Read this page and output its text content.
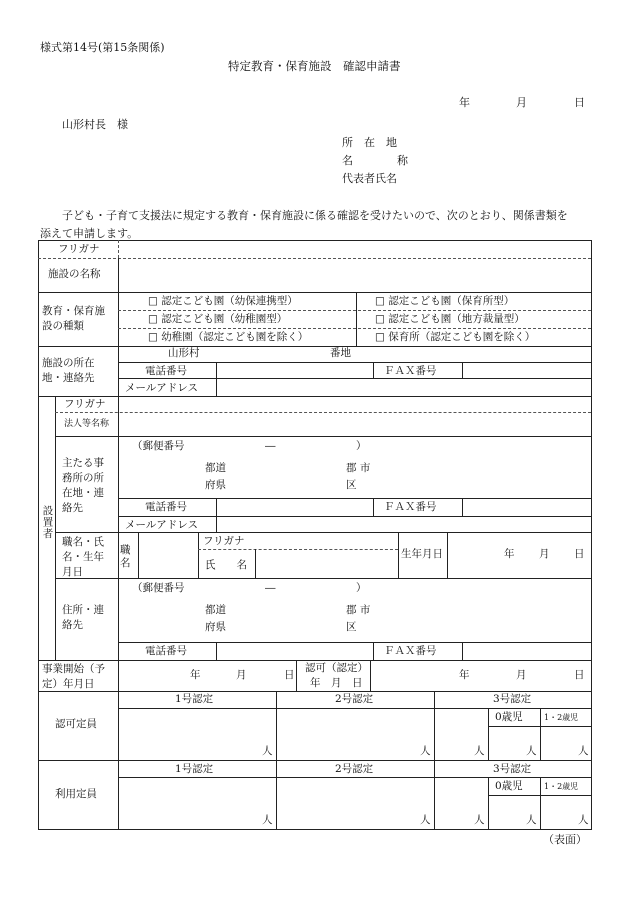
様式第14号(第15条関係)
特定教育・保育施設　確認申請書
年	月	日
山形村長　様
所　在　地
名　　　　称
代表者氏名
子ども・子育て支援法に規定する教育・保育施設に係る確認を受けたいので、次のとおり、関係書類を
添えて申請します。
フリガナ
施設の名称
教育・保育施
設の種類
□ 認定こども園（幼保連携型）	□ 認定こども園（保育所型）
□ 認定こども園（幼稚園型）	□ 認定こども園（地方裁量型）
□ 幼稚園（認定こども園を除く）	□ 保育所（認定こども園を除く）
施設の所在
地・連絡先
山形村	番地
電話番号	ＦＡＸ番号
メールアドレス
設置者
フリガナ
法人等名称
主たる事
務所の所
在地・連
絡先
（郵便番号	―	）
都道
府県
郡 市
区
電話番号	ＦＡＸ番号
メールアドレス
職名・氏
名・生年
月日
職
名
フリガナ
氏　　名
生年月日	年 月 日
住所・連
絡先
（郵便番号	―	）
都道
府県
郡 市
区
電話番号	ＦＡＸ番号
事業開始（予
定）年月日
年	月	日
認可（認定）
年　月　日
年	月	日
認可定員
1号認定	2号認定	3号認定
0歳児	1・2歳児
人	人	人	人	人
利用定員
1号認定	2号認定	3号認定
0歳児	1・2歳児
人	人	人	人	人
（表面）
